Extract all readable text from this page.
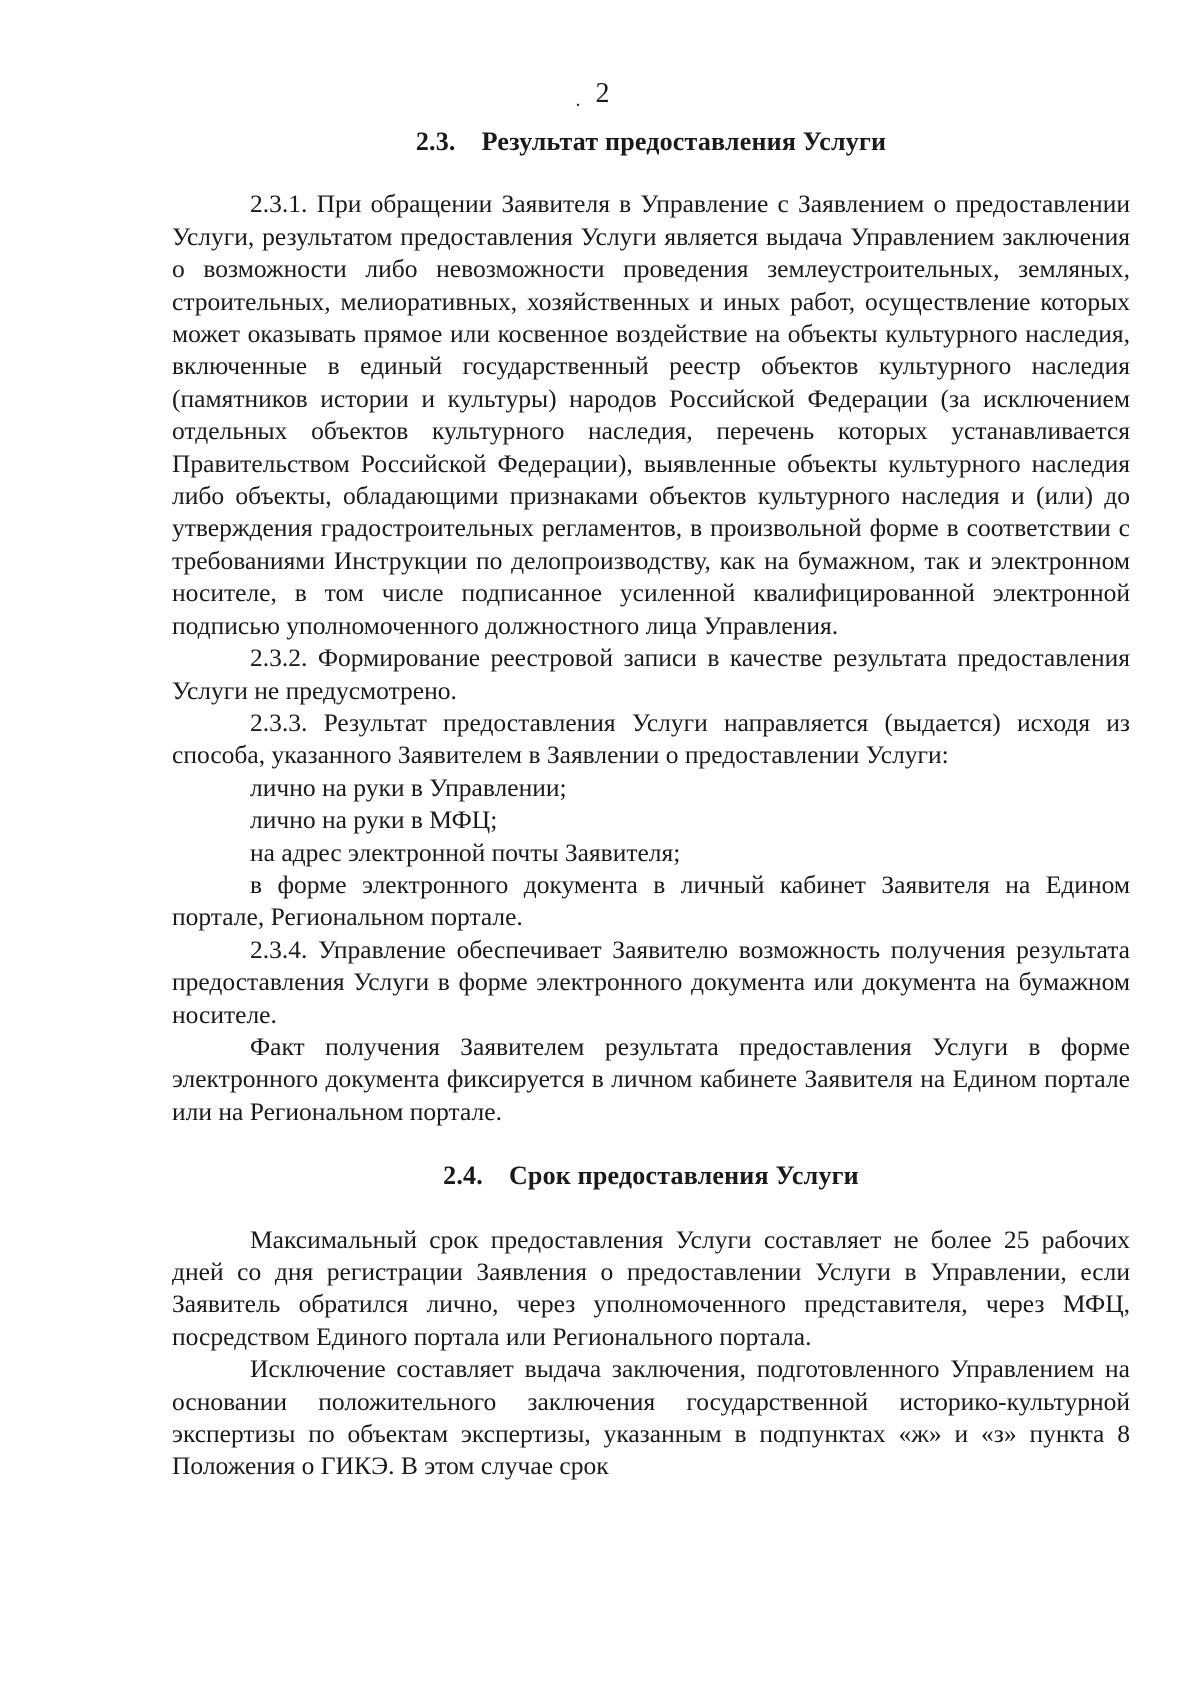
. 2
2.3. Результат предоставления Услуги

2.3.1. При обращении Заявителя в Управление с Заявлением о предоставлении Услуги, результатом предоставления Услуги является выдача Управлением заключения о возможности либо невозможности проведения землеустроительных, земляных, строительных, мелиоративных, хозяйственных и иных работ, осуществление которых может оказывать прямое или косвенное воздействие на объекты культурного наследия, включенные в единый государственный реестр объектов культурного наследия (памятников истории и культуры) народов Российской Федерации (за исключением отдельных объектов культурного наследия, перечень которых устанавливается Правительством Российской Федерации), выявленные объекты культурного наследия либо объекты, обладающими признаками объектов культурного наследия и (или) до утверждения градостроительных регламентов, в произвольной форме в соответствии с требованиями Инструкции по делопроизводству, как на бумажном, так и электронном носителе, в том числе подписанное усиленной квалифицированной электронной подписью уполномоченного должностного лица Управления.

2.3.2. Формирование реестровой записи в качестве результата предоставления Услуги не предусмотрено.

2.3.3. Результат предоставления Услуги направляется (выдается) исходя из способа, указанного Заявителем в Заявлении о предоставлении Услуги:

лично на руки в Управлении;

лично на руки в МФЦ;

на адрес электронной почты Заявителя;

в форме электронного документа в личный кабинет Заявителя на Едином портале, Региональном портале.

2.3.4. Управление обеспечивает Заявителю возможность получения результата предоставления Услуги в форме электронного документа или документа на бумажном носителе.

Факт получения Заявителем результата предоставления Услуги в форме электронного документа фиксируется в личном кабинете Заявителя на Едином портале или на Региональном портале.

2.4. Срок предоставления Услуги

Максимальный срок предоставления Услуги составляет не более 25 рабочих дней со дня регистрации Заявления о предоставлении Услуги в Управлении, если Заявитель обратился лично, через уполномоченного представителя, через МФЦ, посредством Единого портала или Регионального портала.

Исключение составляет выдача заключения, подготовленного Управлением на основании положительного заключения государственной историко-культурной экспертизы по объектам экспертизы, указанным в подпунктах «ж» и «з» пункта 8 Положения о ГИКЭ. В этом случае срок
